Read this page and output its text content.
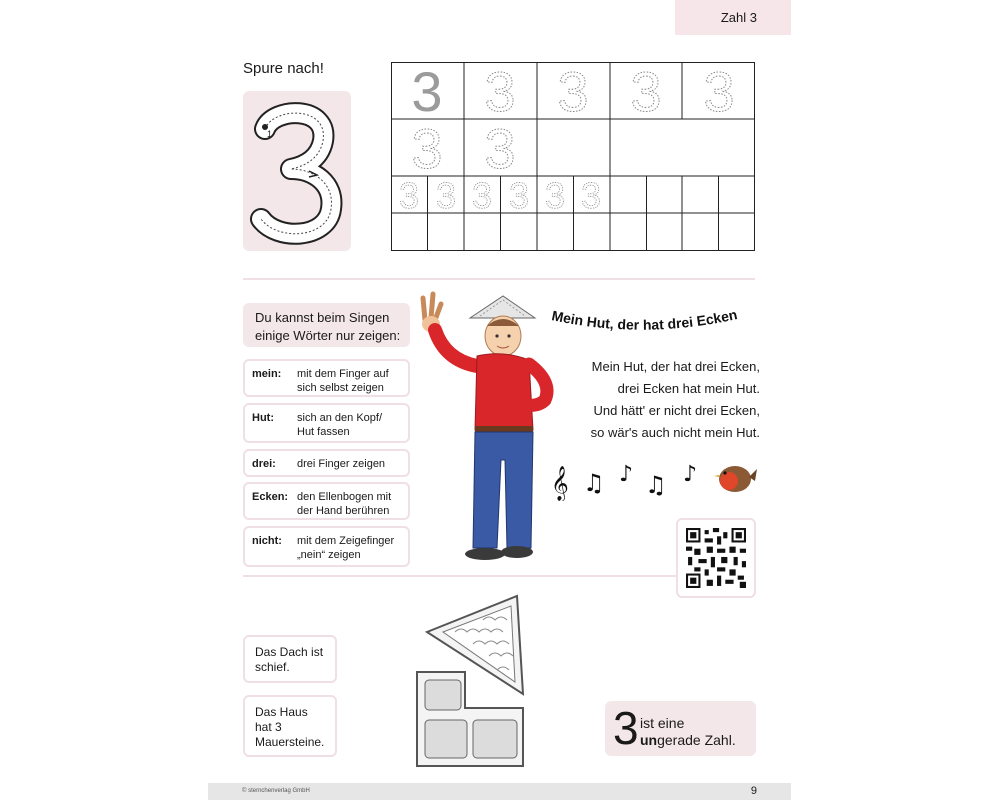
Zahl 3
Spure nach!
1
3 3 3 3 3
3 3
3 3 3 3 3 3
Du kannst beim Singen
einige Wörter nur zeigen:
mein: mit dem Finger auf
sich selbst zeigen
Hut: sich an den Kopf/
Hut fassen
drei: drei Finger zeigen
Ecken: den Ellenbogen mit
der Hand berühren
nicht: mit dem Zeigefinger
„nein“ zeigen
Mein Hut, der hat drei Ecken
Mein Hut, der hat drei Ecken,
drei Ecken hat mein Hut.
Und hätt' er nicht drei Ecken,
so wär's auch nicht mein Hut.
𝄞 ♫ ♪ ♫ ♪
Das Dach ist
schief.
Das Haus
hat 3
Mauersteine.	3 ist eine
ungerade Zahl.
© sternchenverlag GmbH	9
